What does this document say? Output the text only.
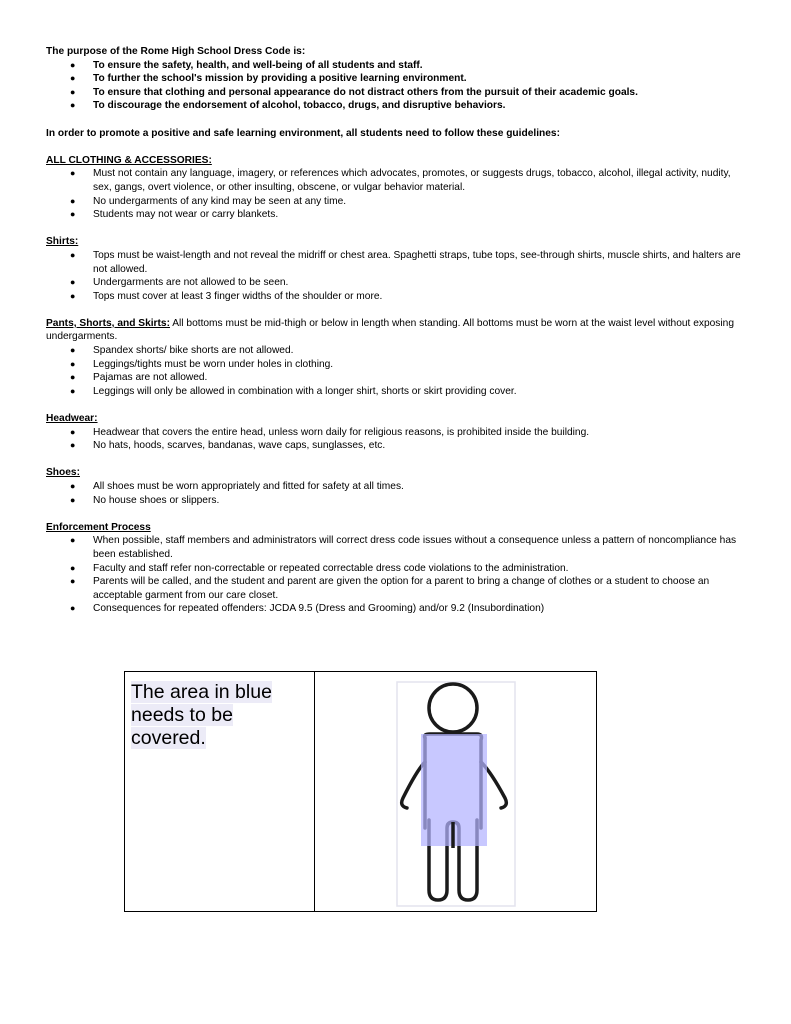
The purpose of the Rome High School Dress Code is:

● To ensure the safety, health, and well-being of all students and staff.
● To further the school's mission by providing a positive learning environment.
● To ensure that clothing and personal appearance do not distract others from the pursuit of their academic goals.
● To discourage the endorsement of alcohol, tobacco, drugs, and disruptive behaviors.

In order to promote a positive and safe learning environment, all students need to follow these guidelines:

ALL CLOTHING & ACCESSORIES:

● Must not contain any language, imagery, or references which advocates, promotes, or suggests drugs, tobacco, alcohol, illegal activity, nudity, sex, gangs, overt violence, or other insulting, obscene, or vulgar behavior material.
● No undergarments of any kind may be seen at any time.
● Students may not wear or carry blankets.

Shirts:

● Tops must be waist-length and not reveal the midriff or chest area. Spaghetti straps, tube tops, see-through shirts, muscle shirts, and halters are not allowed.
● Undergarments are not allowed to be seen.
● Tops must cover at least 3 finger widths of the shoulder or more.

Pants, Shorts, and Skirts: All bottoms must be mid-thigh or below in length when standing. All bottoms must be worn at the waist level without exposing undergarments.

● Spandex shorts/ bike shorts are not allowed.
● Leggings/tights must be worn under holes in clothing.
● Pajamas are not allowed.
● Leggings will only be allowed in combination with a longer shirt, shorts or skirt providing cover.

Headwear:

● Headwear that covers the entire head, unless worn daily for religious reasons, is prohibited inside the building.
● No hats, hoods, scarves, bandanas, wave caps, sunglasses, etc.

Shoes:

● All shoes must be worn appropriately and fitted for safety at all times.
● No house shoes or slippers.

Enforcement Process

● When possible, staff members and administrators will correct dress code issues without a consequence unless a pattern of noncompliance has been established.
● Faculty and staff refer non-correctable or repeated correctable dress code violations to the administration.
● Parents will be called, and the student and parent are given the option for a parent to bring a change of clothes or a student to choose an acceptable garment from our care closet.
● Consequences for repeated offenders: JCDA 9.5 (Dress and Grooming) and/or 9.2 (Insubordination)
The area in blue needs to be covered.
